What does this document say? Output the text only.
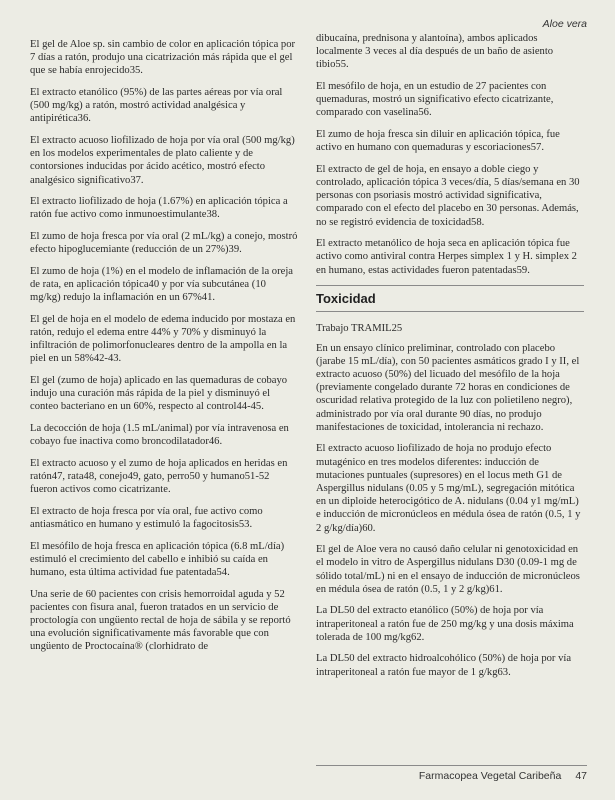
Aloe vera

El gel de Aloe sp. sin cambio de color en aplicación tópica por 7 días a ratón, produjo una cicatrización más rápida que el gel que se había enrojecido35.

El extracto etanólico (95%) de las partes aéreas por vía oral (500 mg/kg) a ratón, mostró actividad analgésica y antipirética36.

El extracto acuoso liofilizado de hoja por vía oral (500 mg/kg) en los modelos experimentales de plato caliente y de contorsiones inducidas por ácido acético, mostró efecto analgésico significativo37.

El extracto liofilizado de hoja (1.67%) en aplicación tópica a ratón fue activo como inmunoestimulante38.

El zumo de hoja fresca por vía oral (2 mL/kg) a conejo, mostró efecto hipoglucemiante (reducción de un 27%)39.

El zumo de hoja (1%) en el modelo de inflamación de la oreja de rata, en aplicación tópica40 y por vía subcutánea (10 mg/kg) redujo la inflamación en un 67%41.

El gel de hoja en el modelo de edema inducido por mostaza en ratón, redujo el edema entre 44% y 70% y disminuyó la infiltración de polimorfonucleares dentro de la ampolla en la piel en un 58%42-43.

El gel (zumo de hoja) aplicado en las quemaduras de cobayo indujo una curación más rápida de la piel y disminuyó el conteo bacteriano en un 60%, respecto al control44-45.

La decocción de hoja (1.5 mL/animal) por vía intravenosa en cobayo fue inactiva como broncodilatador46.

El extracto acuoso y el zumo de hoja aplicados en heridas en ratón47, rata48, conejo49, gato, perro50 y humano51-52 fueron activos como cicatrizante.

El extracto de hoja fresca por vía oral, fue activo como antiasmático en humano y estimuló la fagocitosis53.

El mesófilo de hoja fresca en aplicación tópica (6.8 mL/día) estimuló el crecimiento del cabello e inhibió su caída en humano, esta última actividad fue patentada54.

Una serie de 60 pacientes con crisis hemorroidal aguda y 52 pacientes con fisura anal, fueron tratados en un servicio de proctología con ungüento rectal de hoja de sábila y se reportó una evolución significativamente más favorable que con ungüento de Proctocaína® (clorhidrato de

dibucaína, prednisona y alantoína), ambos aplicados localmente 3 veces al día después de un baño de asiento tibio55.

El mesófilo de hoja, en un estudio de 27 pacientes con quemaduras, mostró un significativo efecto cicatrizante, comparado con vaselina56.

El zumo de hoja fresca sin diluir en aplicación tópica, fue activo en humano con quemaduras y escoriaciones57.

El extracto de gel de hoja, en ensayo a doble ciego y controlado, aplicación tópica 3 veces/día, 5 días/semana en 30 personas con psoriasis mostró actividad significativa, comparado con el efecto del placebo en 30 personas. Además, no se registró evidencia de toxicidad58.

El extracto metanólico de hoja seca en aplicación tópica fue activo como antiviral contra Herpes simplex 1 y H. simplex 2 en humano, estas actividades fueron patentadas59.

Toxicidad

Trabajo TRAMIL25

En un ensayo clínico preliminar, controlado con placebo (jarabe 15 mL/día), con 50 pacientes asmáticos grado I y II, el extracto acuoso (50%) del licuado del mesófilo de la hoja (previamente congelado durante 72 horas en condiciones de oscuridad relativa protegido de la luz con polietileno negro), administrado por vía oral durante 90 días, no produjo manifestaciones de toxicidad, intolerancia ni rechazo.

El extracto acuoso liofilizado de hoja no produjo efecto mutagénico en tres modelos diferentes: inducción de mutaciones puntuales (supresores) en el locus meth G1 de Aspergillus nidulans (0.05 y 5 mg/mL), segregación mitótica en un diploide heterocigótico de A. nidulans (0.04 y1 mg/mL) e inducción de micronúcleos en médula ósea de ratón (0.5, 1 y 2 g/kg/día)60.

El gel de Aloe vera no causó daño celular ni genotoxicidad en el modelo in vitro de Aspergillus nidulans D30 (0.09-1 mg de sólido total/mL) ni en el ensayo de inducción de micronúcleos en médula ósea de ratón (0.5, 1 y 2 g/kg)61.

La DL50 del extracto etanólico (50%) de hoja por vía intraperitoneal a ratón fue de 250 mg/kg y una dosis máxima tolerada de 100 mg/kg62.

La DL50 del extracto hidroalcohólico (50%) de hoja por vía intraperitoneal a ratón fue mayor de 1 g/kg63.

Farmacopea Vegetal Caribeña 47
